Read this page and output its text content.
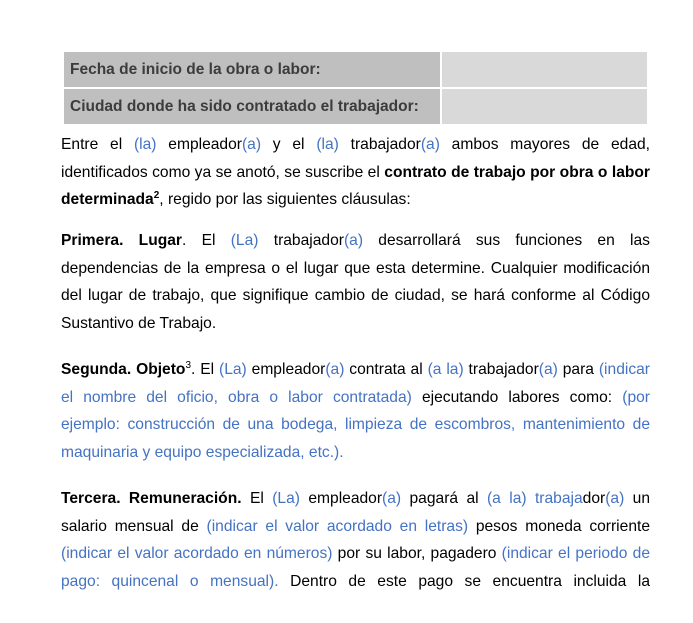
Fecha de inicio de la obra o labor:	
Ciudad donde ha sido contratado el trabajador:	
Entre el (la) empleador(a) y el (la) trabajador(a) ambos mayores de edad,
identificados como ya se anotó, se suscribe el contrato de trabajo por obra o labor
determinada$^2$, regido por las siguientes cláusulas:
Primera. Lugar. El (La) trabajador(a) desarrollará sus funciones en las
dependencias de la empresa o el lugar que esta determine. Cualquier modificación
del lugar de trabajo, que signifique cambio de ciudad, se hará conforme al Código
Sustantivo de Trabajo.
Segunda. Objeto$^3$. El (La) empleador(a) contrata al (a la) trabajador(a) para (indicar
el nombre del oficio, obra o labor contratada) ejecutando labores como: (por
ejemplo: construcción de una bodega, limpieza de escombros, mantenimiento de
maquinaria y equipo especializada, etc.).
Tercera. Remuneración. El (La) empleador(a) pagará al (a la) trabajador(a) un
salario mensual de (indicar el valor acordado en letras) pesos moneda corriente
(indicar el valor acordado en números) por su labor, pagadero (indicar el periodo de
pago: quincenal o mensual). Dentro de este pago se encuentra incluida la
